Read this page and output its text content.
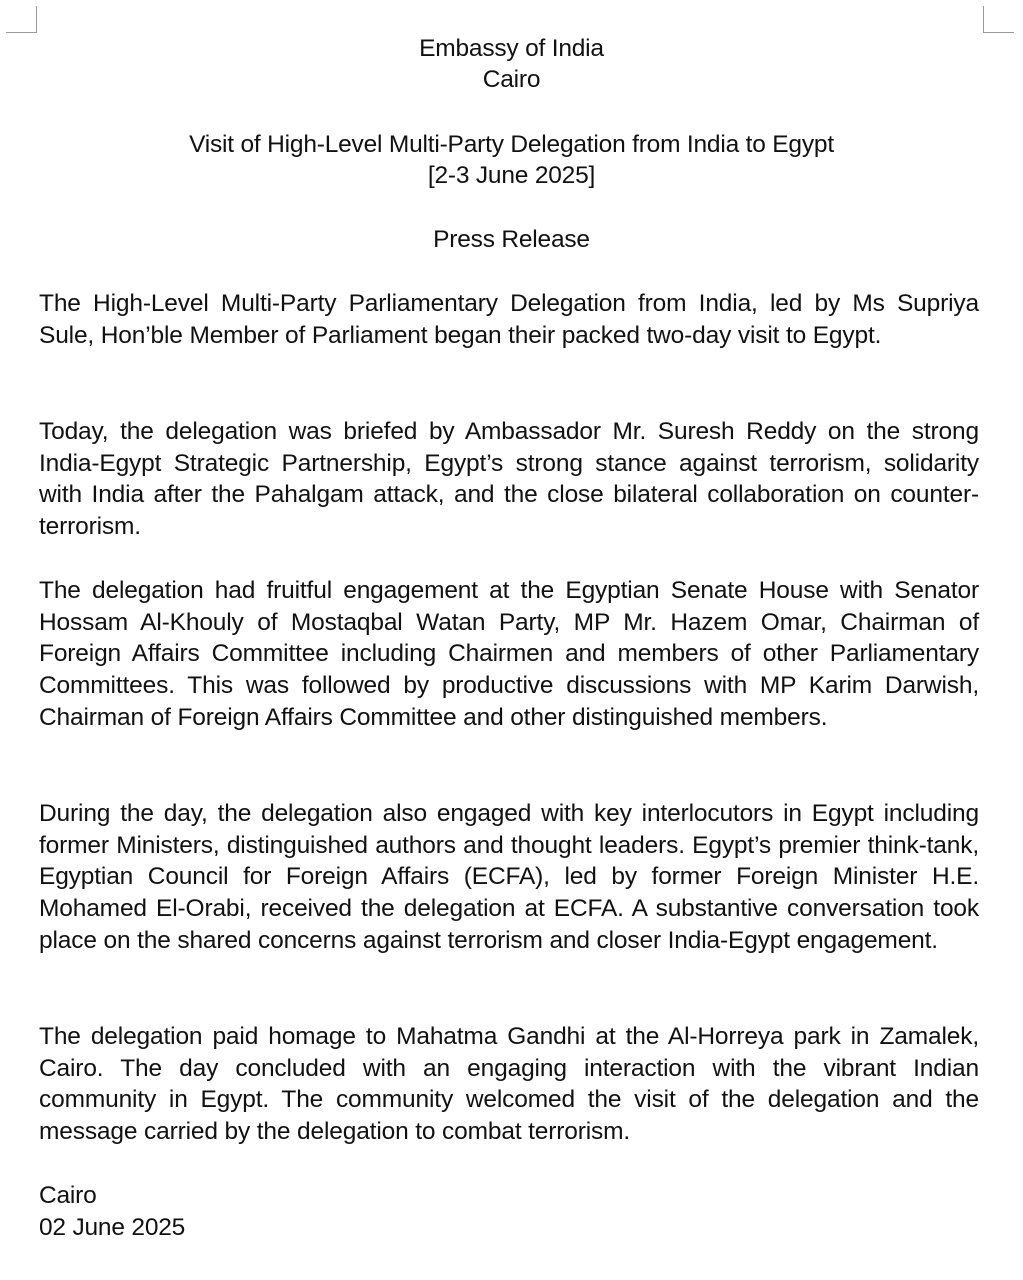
Embassy of India
Cairo
Visit of High-Level Multi-Party Delegation from India to Egypt
[2-3 June 2025]
Press Release

The High-Level Multi-Party Parliamentary Delegation from India, led by Ms Supriya Sule, Hon’ble Member of Parliament began their packed two-day visit to Egypt.

Today, the delegation was briefed by Ambassador Mr. Suresh Reddy on the strong India-Egypt Strategic Partnership, Egypt’s strong stance against terrorism, solidarity with India after the Pahalgam attack, and the close bilateral collaboration on counter-terrorism.

The delegation had fruitful engagement at the Egyptian Senate House with Senator Hossam Al-Khouly of Mostaqbal Watan Party, MP Mr. Hazem Omar, Chairman of Foreign Affairs Committee including Chairmen and members of other Parliamentary Committees. This was followed by productive discussions with MP Karim Darwish, Chairman of Foreign Affairs Committee and other distinguished members.

During the day, the delegation also engaged with key interlocutors in Egypt including former Ministers, distinguished authors and thought leaders. Egypt’s premier think-tank, Egyptian Council for Foreign Affairs (ECFA), led by former Foreign Minister H.E. Mohamed El-Orabi, received the delegation at ECFA. A substantive conversation took place on the shared concerns against terrorism and closer India-Egypt engagement.

The delegation paid homage to Mahatma Gandhi at the Al-Horreya park in Zamalek, Cairo. The day concluded with an engaging interaction with the vibrant Indian community in Egypt. The community welcomed the visit of the delegation and the message carried by the delegation to combat terrorism.

Cairo
02 June 2025
